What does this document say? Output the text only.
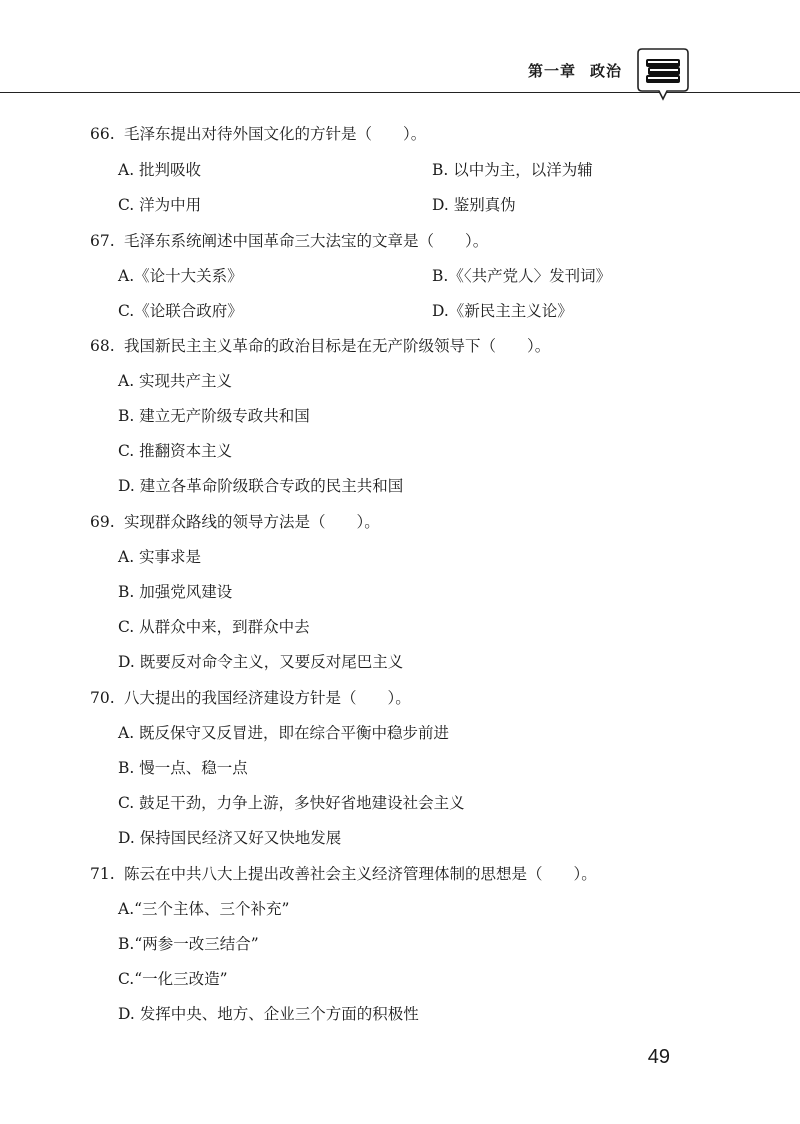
第一章 政治
66. 毛泽东提出对待外国文化的方针是（　　）。
A. 批判吸收	B. 以中为主，以洋为辅
C. 洋为中用	D. 鉴别真伪
67. 毛泽东系统阐述中国革命三大法宝的文章是（　　）。
A.《论十大关系》	B.《〈共产党人〉发刊词》
C.《论联合政府》	D.《新民主主义论》
68. 我国新民主主义革命的政治目标是在无产阶级领导下（　　）。
A. 实现共产主义
B. 建立无产阶级专政共和国
C. 推翻资本主义
D. 建立各革命阶级联合专政的民主共和国
69. 实现群众路线的领导方法是（　　）。
A. 实事求是
B. 加强党风建设
C. 从群众中来，到群众中去
D. 既要反对命令主义，又要反对尾巴主义
70. 八大提出的我国经济建设方针是（　　）。
A. 既反保守又反冒进，即在综合平衡中稳步前进
B. 慢一点、稳一点
C. 鼓足干劲，力争上游，多快好省地建设社会主义
D. 保持国民经济又好又快地发展
71. 陈云在中共八大上提出改善社会主义经济管理体制的思想是（　　）。
A.“三个主体、三个补充”
B.“两参一改三结合”
C.“一化三改造”
D. 发挥中央、地方、企业三个方面的积极性
49
